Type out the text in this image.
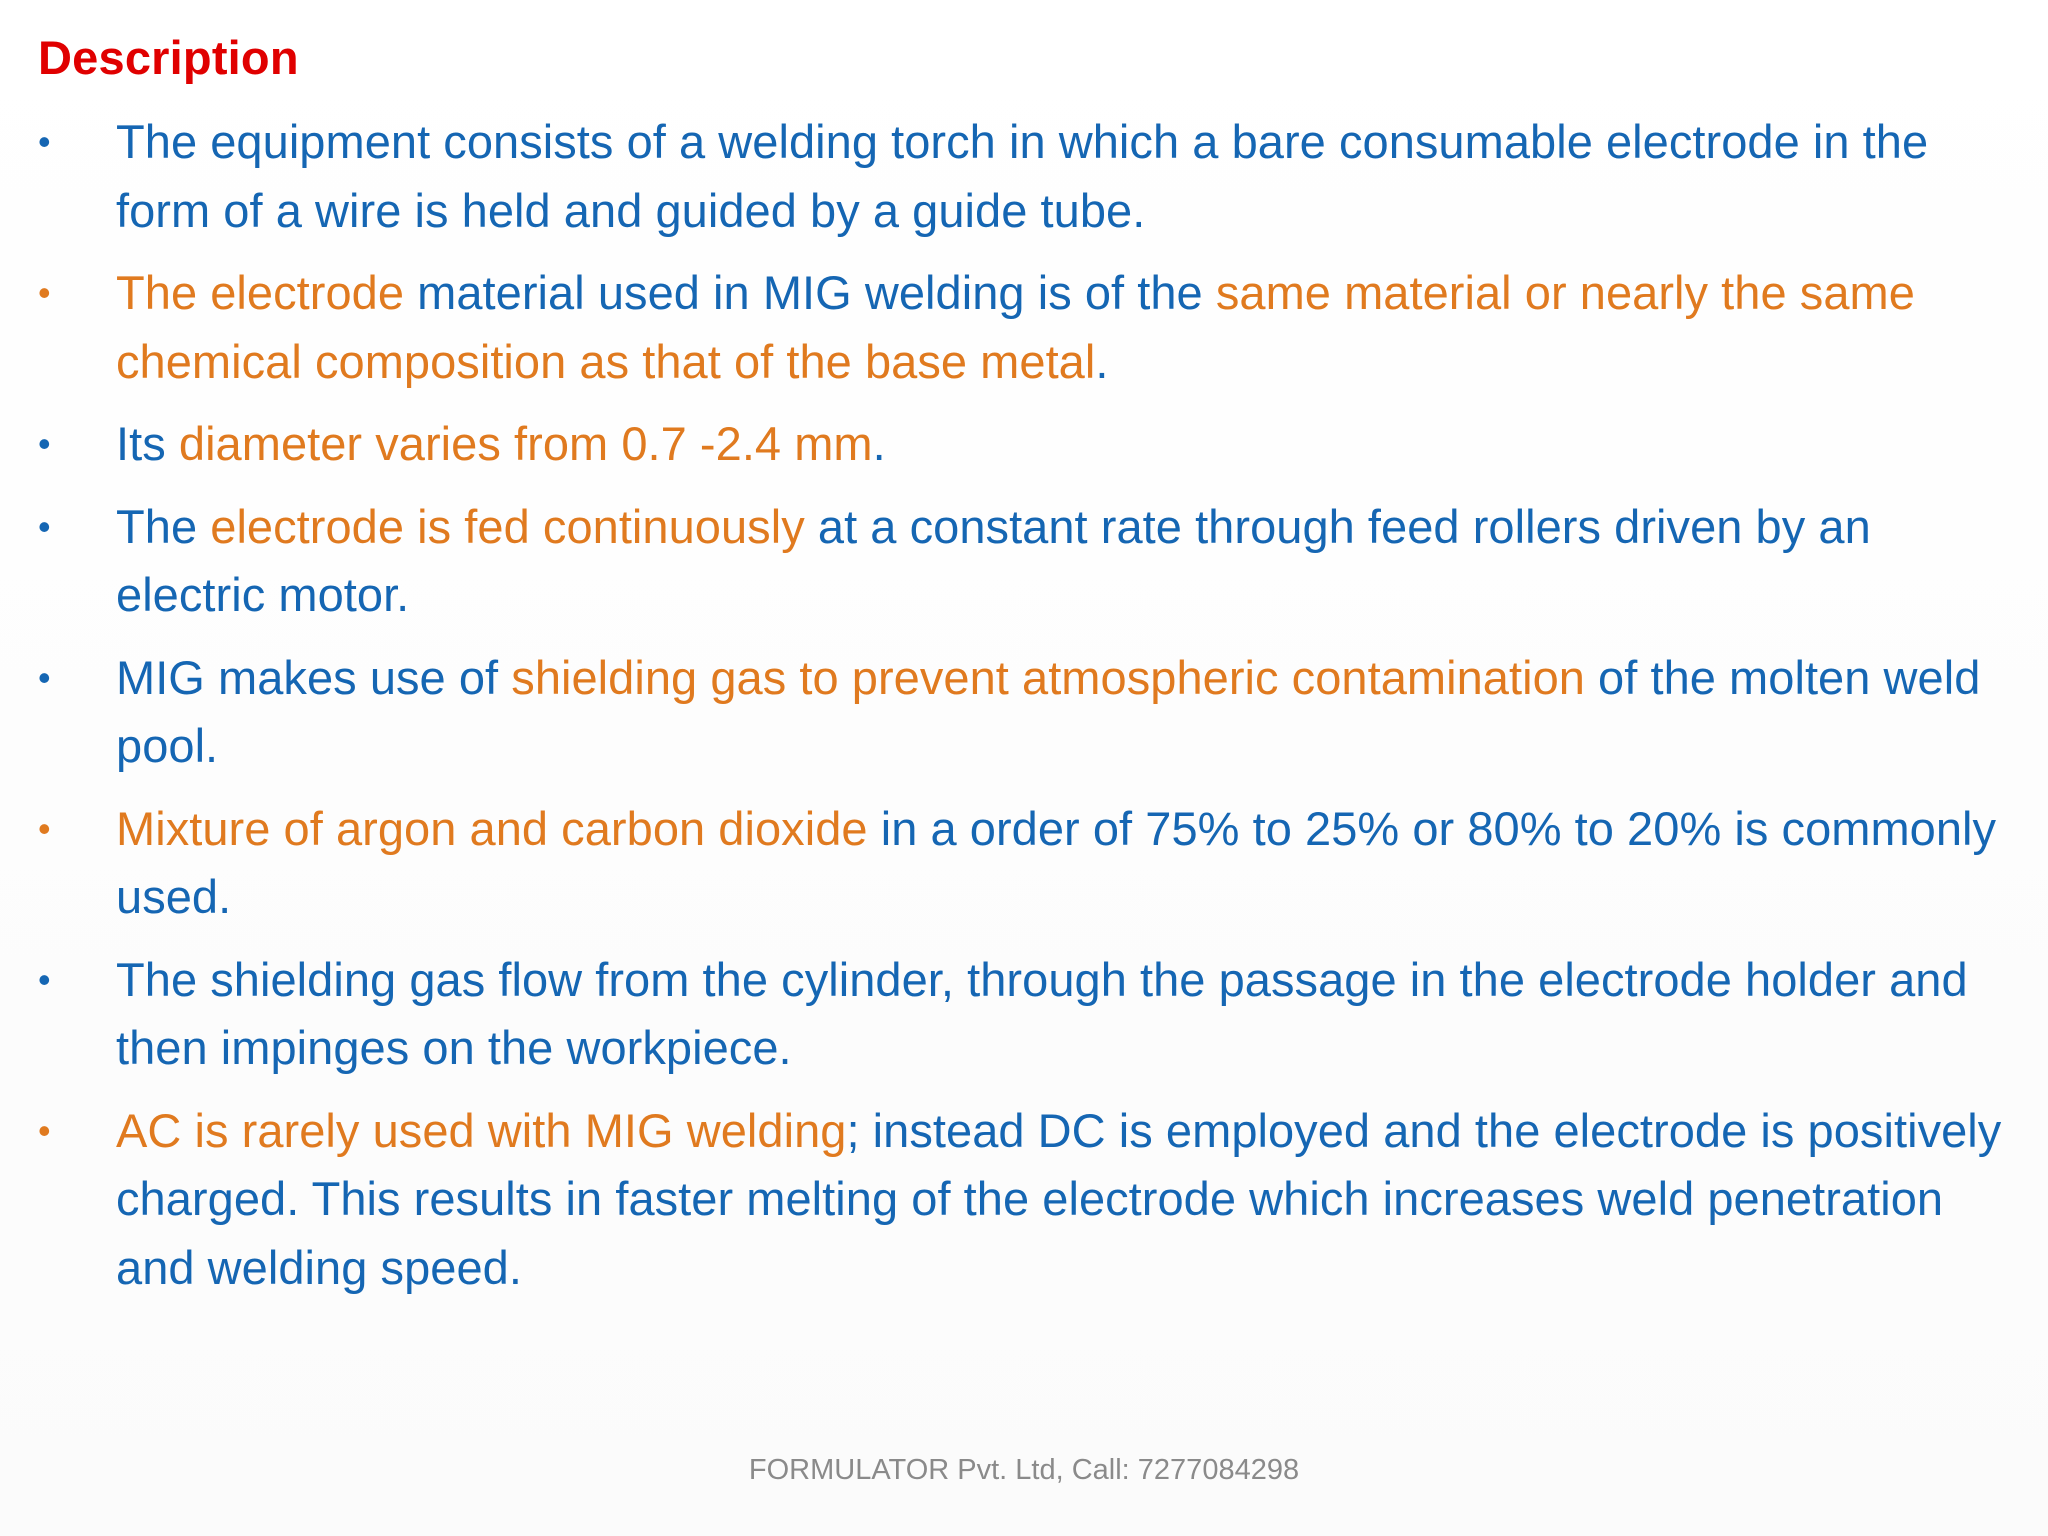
Description
•	The equipment consists of a welding torch in which a bare consumable electrode in the form of a wire is held and guided by a guide tube.
•	The electrode material used in MIG welding is of the same material or nearly the same chemical composition as that of the base metal.
•	Its diameter varies from 0.7 -2.4 mm.
•	The electrode is fed continuously at a constant rate through feed rollers driven by an electric motor.
•	MIG makes use of shielding gas to prevent atmospheric contamination of the molten weld pool.
•	Mixture of argon and carbon dioxide in a order of 75% to 25% or 80% to 20% is commonly used.
•	The shielding gas flow from the cylinder, through the passage in the electrode holder and then impinges on the workpiece.
•	AC is rarely used with MIG welding; instead DC is employed and the electrode is positively charged. This results in faster melting of the electrode which increases weld penetration and welding speed.
FORMULATOR Pvt. Ltd, Call: 7277084298
